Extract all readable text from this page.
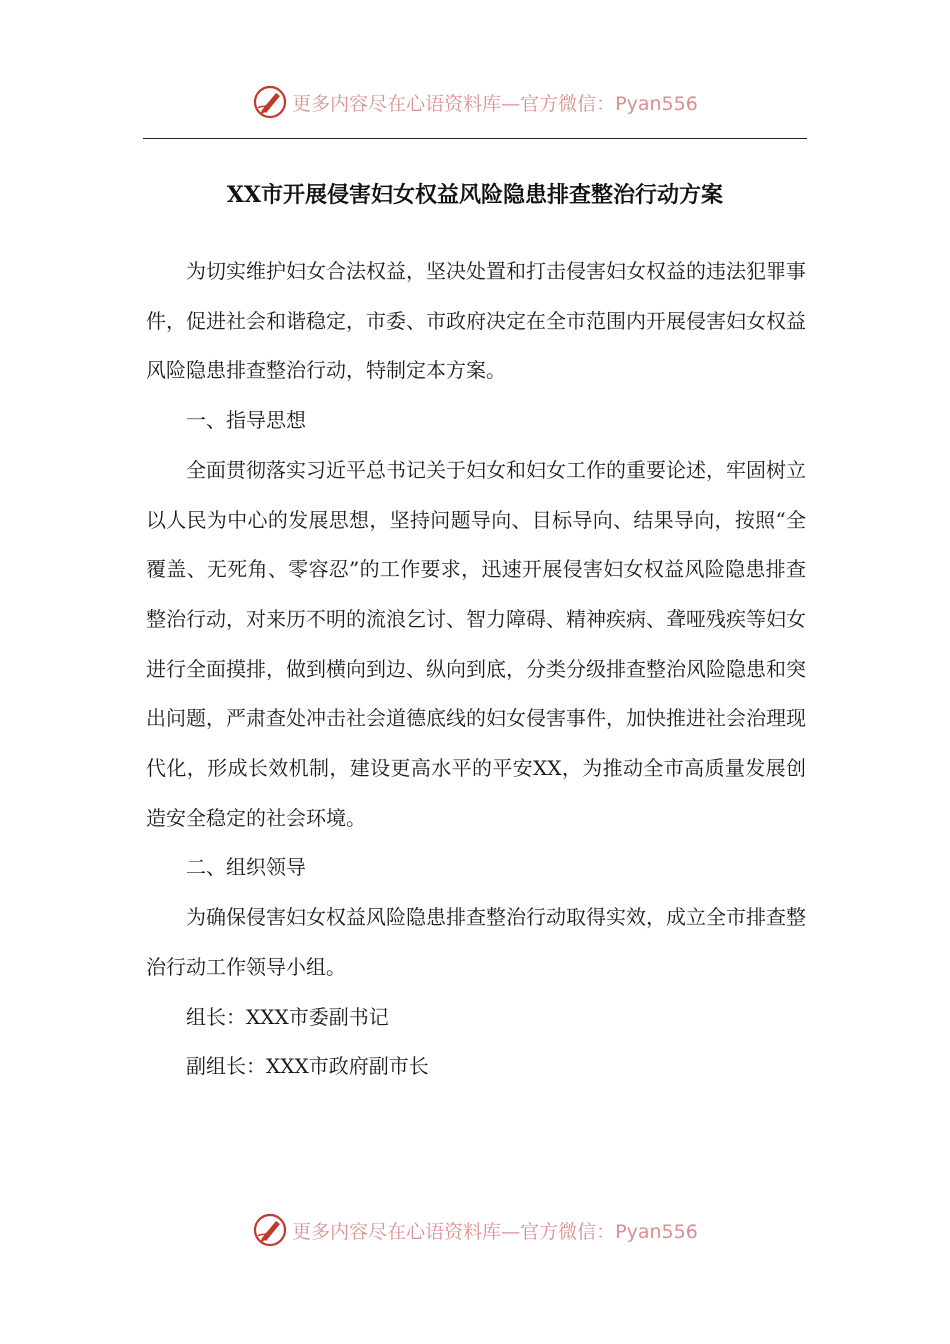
更多内容尽在心语资料库—官方微信：Pyan556
XX市开展侵害妇女权益风险隐患排查整治行动方案

为切实维护妇女合法权益，坚决处置和打击侵害妇女权益的违法犯罪事件，促进社会和谐稳定，市委、市政府决定在全市范围内开展侵害妇女权益风险隐患排查整治行动，特制定本方案。

一、指导思想

全面贯彻落实习近平总书记关于妇女和妇女工作的重要论述，牢固树立以人民为中心的发展思想，坚持问题导向、目标导向、结果导向，按照“全覆盖、无死角、零容忍”的工作要求，迅速开展侵害妇女权益风险隐患排查整治行动，对来历不明的流浪乞讨、智力障碍、精神疾病、聋哑残疾等妇女进行全面摸排，做到横向到边、纵向到底，分类分级排查整治风险隐患和突出问题，严肃查处冲击社会道德底线的妇女侵害事件，加快推进社会治理现代化，形成长效机制，建设更高水平的平安XX，为推动全市高质量发展创造安全稳定的社会环境。

二、组织领导

为确保侵害妇女权益风险隐患排查整治行动取得实效，成立全市排查整治行动工作领导小组。

组长：XXX市委副书记

副组长：XXX市政府副市长

更多内容尽在心语资料库—官方微信：Pyan556
